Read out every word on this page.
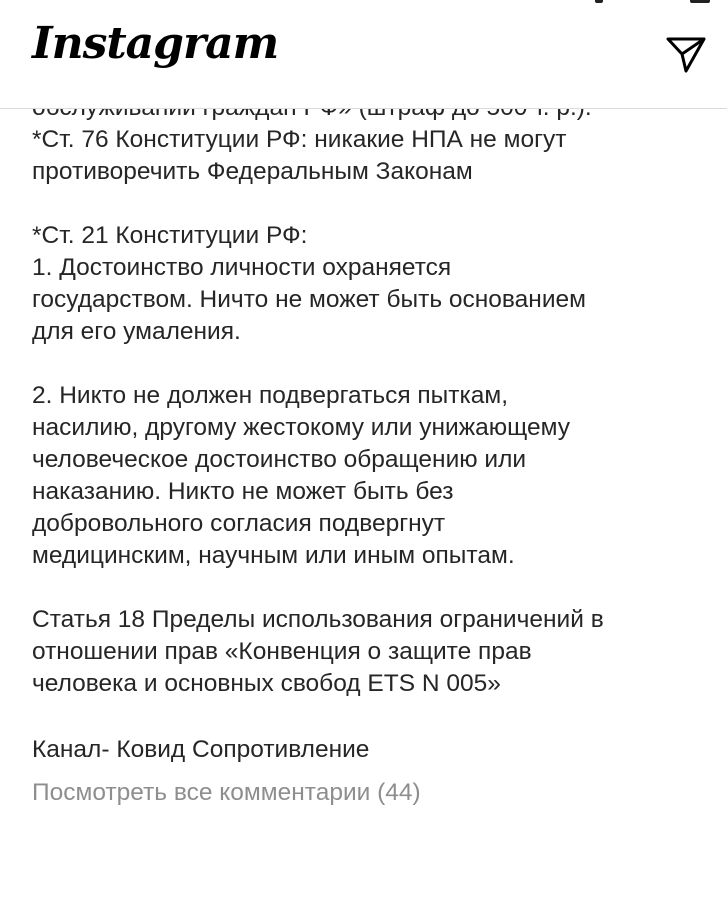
Instagram
*Ст. 76 Конституции РФ: никакие НПА не могут
противоречить Федеральным Законам
*Ст. 21 Конституции РФ:
1. Достоинство личности охраняется
государством. Ничто не может быть основанием
для его умаления.
2. Никто не должен подвергаться пыткам,
насилию, другому жестокому или унижающему
человеческое достоинство обращению или
наказанию. Никто не может быть без
добровольного согласия подвергнут
медицинским, научным или иным опытам.
Статья 18 Пределы использования ограничений в
отношении прав «Конвенция о защите прав
человека и основных свобод ETS N 005»
Канал- Ковид Сопротивление
Посмотреть все комментарии (44)
